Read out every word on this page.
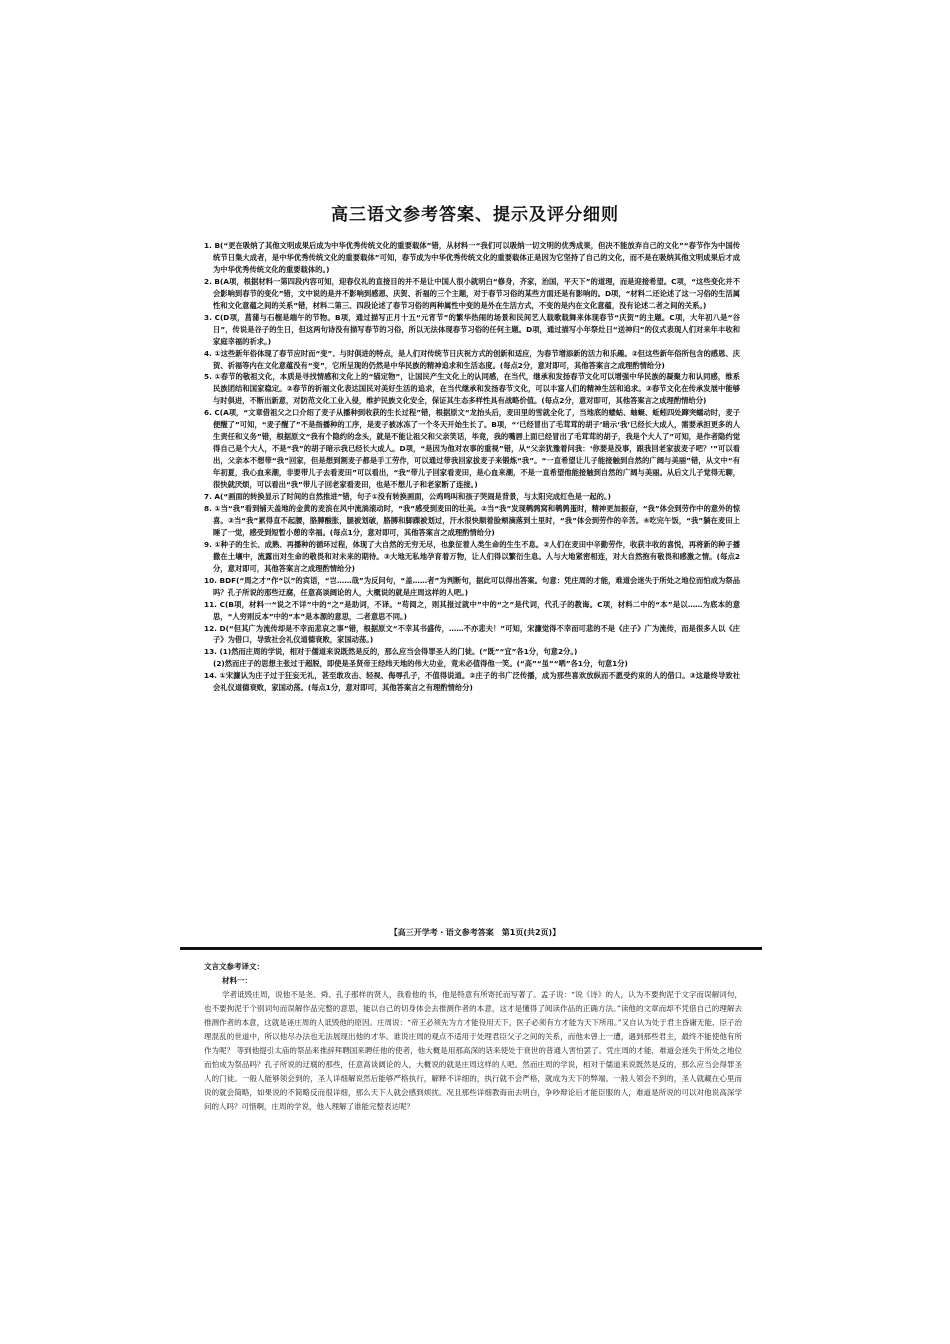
高三语文参考答案、提示及评分细则

1. B(“更在吸纳了其他文明成果后成为中华优秀传统文化的重要载体”错，从材料一“我们可以吸纳一切文明的优秀成果，但决不能放弃自己的文化”“春节作为中国传统节日集大成者，是中华优秀传统文化的重要载体”可知，春节成为中华优秀传统文化的重要载体正是因为它坚持了自己的文化，而不是在吸纳其他文明成果后才成为中华优秀传统文化的重要载体的。)

2. B(A项，根据材料一第四段内容可知，迎春仪礼的直接目的并不是让中国人很小就明白“修身，齐家，治国，平天下”的道理，而是迎接希望。C项，“这些变化并不会影响到春节的变化”错，文中说的是并不影响到感恩、庆贺、祈福的三个主题，对于春节习俗的某些方面还是有影响的。D项，“材料二还论述了这一习俗的生活属性和文化意蕴之间的关系”错，材料二第三、四段论述了春节习俗的两种属性中变的是外在生活方式，不变的是内在文化意蕴，没有论述二者之间的关系。)

3. C(D项，菖蒲与石榴是端午的节物。B项，通过描写正月十五“元宵节”的繁华热闹的场景和民间艺人载歌载舞来体现春节“庆贺”的主题。C项，大年初八是“谷日”，传说是谷子的生日，但这两句诗没有描写春节的习俗，所以无法体现春节习俗的任何主题。D项，通过描写小年祭灶日“送神归”的仪式表现人们对来年丰收和家庭幸福的祈求。)

4. ①这些新年俗体现了春节应时而“变”、与时俱进的特点，是人们对传统节日庆祝方式的创新和适应，为春节增添新的活力和乐趣。②但这些新年俗所包含的感恩、庆贺、祈福等内在文化意蕴没有“变”，它所呈现的仍然是中华民族的精神追求和生活态度。(每点2分，意对即可，其他答案言之成理酌情给分)

5. ①春节的敬祖文化，本质是寻找情感和文化上的“锚定物”，让国民产生文化上的认同感，在当代，继承和发扬春节文化可以增强中华民族的凝聚力和认同感，维系民族团结和国家稳定。②春节的祈福文化表达国民对美好生活的追求，在当代继承和发扬春节文化，可以丰富人们的精神生活和追求。③春节文化在传承发展中能够与时俱进，不断出新意，对防范文化工业入侵，维护民族文化安全，保证其生态多样性具有战略价值。(每点2分，意对即可，其他答案言之成理酌情给分)

6. C(A项，“文章借祖父之口介绍了麦子从播种到收获的生长过程”错，根据原文“龙抬头后，麦田里的雪就全化了，当地底的蝼蛄、蚰蜒、蚯蚓四处蹿突蠕动时，麦子便醒了”可知，“麦子醒了”不是指播种的工序，是麦子被冰冻了一个冬天开始生长了。B项，“‘已经冒出了毛茸茸的胡子’暗示‘我’已经长大成人，需要承担更多的人生责任和义务”错，根据原文“我有个隐约的念头，就是不能让祖父和父亲笑话，毕竟，我的嘴唇上面已经冒出了毛茸茸的胡子，我是个大人了”可知，是作者隐约觉得自己是个大人，不是“我”的胡子暗示我已经长大成人。D项，“是因为他对农事的重视”错，从“父亲犹豫着问我：‘你要是没事，跟我回老家拔麦子吧？’”可以看出，父亲本不想带“我”回家，但是想到割麦子都是手工劳作，可以通过带我回家拔麦子来锻炼“我”。“一直希望让儿子能接触到自然的广阔与美丽”错，从文中“有年初夏，我心血来潮，非要带儿子去看麦田”可以看出，“我”带儿子回家看麦田，是心血来潮，不是一直希望他能接触到自然的广阔与美丽。从后文儿子觉得无聊，很快就厌烦，可以看出“我”带儿子回老家看麦田，也是不想儿子和老家断了连接。)

7. A(“画面的转换显示了时间的自然推进”错，句子①没有转换画面，公鸡鸣叫和孩子哭闹是背景，与太阳完成红色是一起的。)

8. ①当“我”看到铺天盖地的金黄的麦浪在风中流淌滚动时，“我”感受到麦田的壮美。②当“我”发现鹌鹑窝和鹌鹑蛋时，精神更加振奋，“我”体会到劳作中的意外的惊喜。③当“我”累得直不起腰，胳膊酸胀，腿被划破，胳膊和脚踝被划过，汗水很快顺着脸颊滴落到土里时，“我”体会到劳作的辛苦。④吃完午饭，“我”躺在麦田上睡了一觉，感受到短暂小憩的幸福。(每点1分，意对即可，其他答案言之成理酌情给分)

9. ①种子的生长、成熟、再播种的循环过程，体现了大自然的无穷无尽，也象征着人类生命的生生不息。②人们在麦田中辛勤劳作，收获丰收的喜悦，再将新的种子播撒在土壤中，流露出对生命的敬畏和对未来的期待。③大地无私地孕育着万物，让人们得以繁衍生息。人与大地紧密相连，对大自然抱有敬畏和感激之情。(每点2分，意对即可，其他答案言之成理酌情给分)

10. BDF(“周之才”作“以”的宾语，“岂……哉”为反问句，“盖……者”为判断句，据此可以得出答案。句意：凭庄周的才能，难道会迷失于所处之地位而怕成为祭品吗？孔子所说的那些迂腐，任意高谈阔论的人，大概说的就是庄周这样的人吧。)

11. C(B项，材料一“说之不详”中的“之”是助词，不译。“苟阅之，则其报过就中”中的“之”是代词，代孔子的教诲。C项，材料二中的“本”是以……为底本的意思，“人穷则反本”中的“本”是本源的意思，二者意思不同。)

12. D(“但其广为流传却是不幸而悲哀之事”错，根据原文“不幸其书盛传，……不亦悲夫！”可知，宋濂觉得不幸而可悲的不是《庄子》广为流传，而是很多人以《庄子》为借口，导致社会礼仪道德衰败，家国动荡。)

13. (1)然而庄周的学说，相对于儒道来说既然是反的，那么应当会得罪圣人的门徒。(“既”“宜”各1分，句意2分。)

(2)然而庄子的思想主张过于超脱，即使是圣贤帝王经纬天地的伟大功业，竟未必值得他一笑。(“高”“虽”“哂”各1分，句意1分)

14. ①宋濂认为庄子过于狂妄无礼，甚至敢攻击、轻视、侮辱孔子，不值得说道。②庄子的书广泛传播，成为那些喜欢放纵而不愿受约束的人的借口。③这最终导致社会礼仪道德衰败，家国动荡。(每点1分，意对即可，其他答案言之有理酌情给分)

【高三开学考・语文参考答案　第1页(共2页)】

文言文参考译文：

材料一：

学者诋毁庄周，说他不是尧、舜、孔子那样的贤人，我看他的书，他是特意有所寄托而写著了。孟子说：“说《诗》的人，认为不要拘泥于文字而误解词句，也不要拘泥于个别词句而误解作品完整的意思，能以自己的切身体会去推测作者的本意，这才是懂得了阅读作品的正确方法。”读他的文章而却不凭借自己的理解去推测作者的本意，这就是诬庄周的人诋毁他的原因。庄周说：“帝王必须先为方才能役用天下，医子必须有方才能为天下所用。”又自认为处于君主昏庸无能、臣子治理混乱的世道中，所以他尽办法也无法展现出他的才华。谁说庄周的观点不适用于处理君臣父子之间的关系，而他未曾上一遭，遇到那些君主，最终不能使他有所作为呢？ 等到他提引太庙的祭品来推辞拜聘国来聘任他的使者，他大概是用那高深的话来使处于衰世的普通人害怕罢了。凭庄周的才能，难道会迷失于所处之地位而怕成为祭品吗？孔子所说的迂腐的那些，任意高谈阔论的人，大概说的就是庄周这样的人吧。然而庄周的学说，相对于儒道来说既然是反的，那么应当会得罪圣人的门徒。一般人能够领会到的，圣人详细解说然后能够严格执行，解释不详细的，执行就不会严格，就成为天下的弊端。一般人领会不到的，圣人就藏在心里而说的就会简略，如果说的不简略反而很详细，那么天下人就会感到烦扰。况且那些详细教诲而去明白，争吵辩论后才能臣服的人，难道是所说的可以对他说高深学问的人吗？可惜啊，庄周的学说，他人理解了谁能完整表达呢？
